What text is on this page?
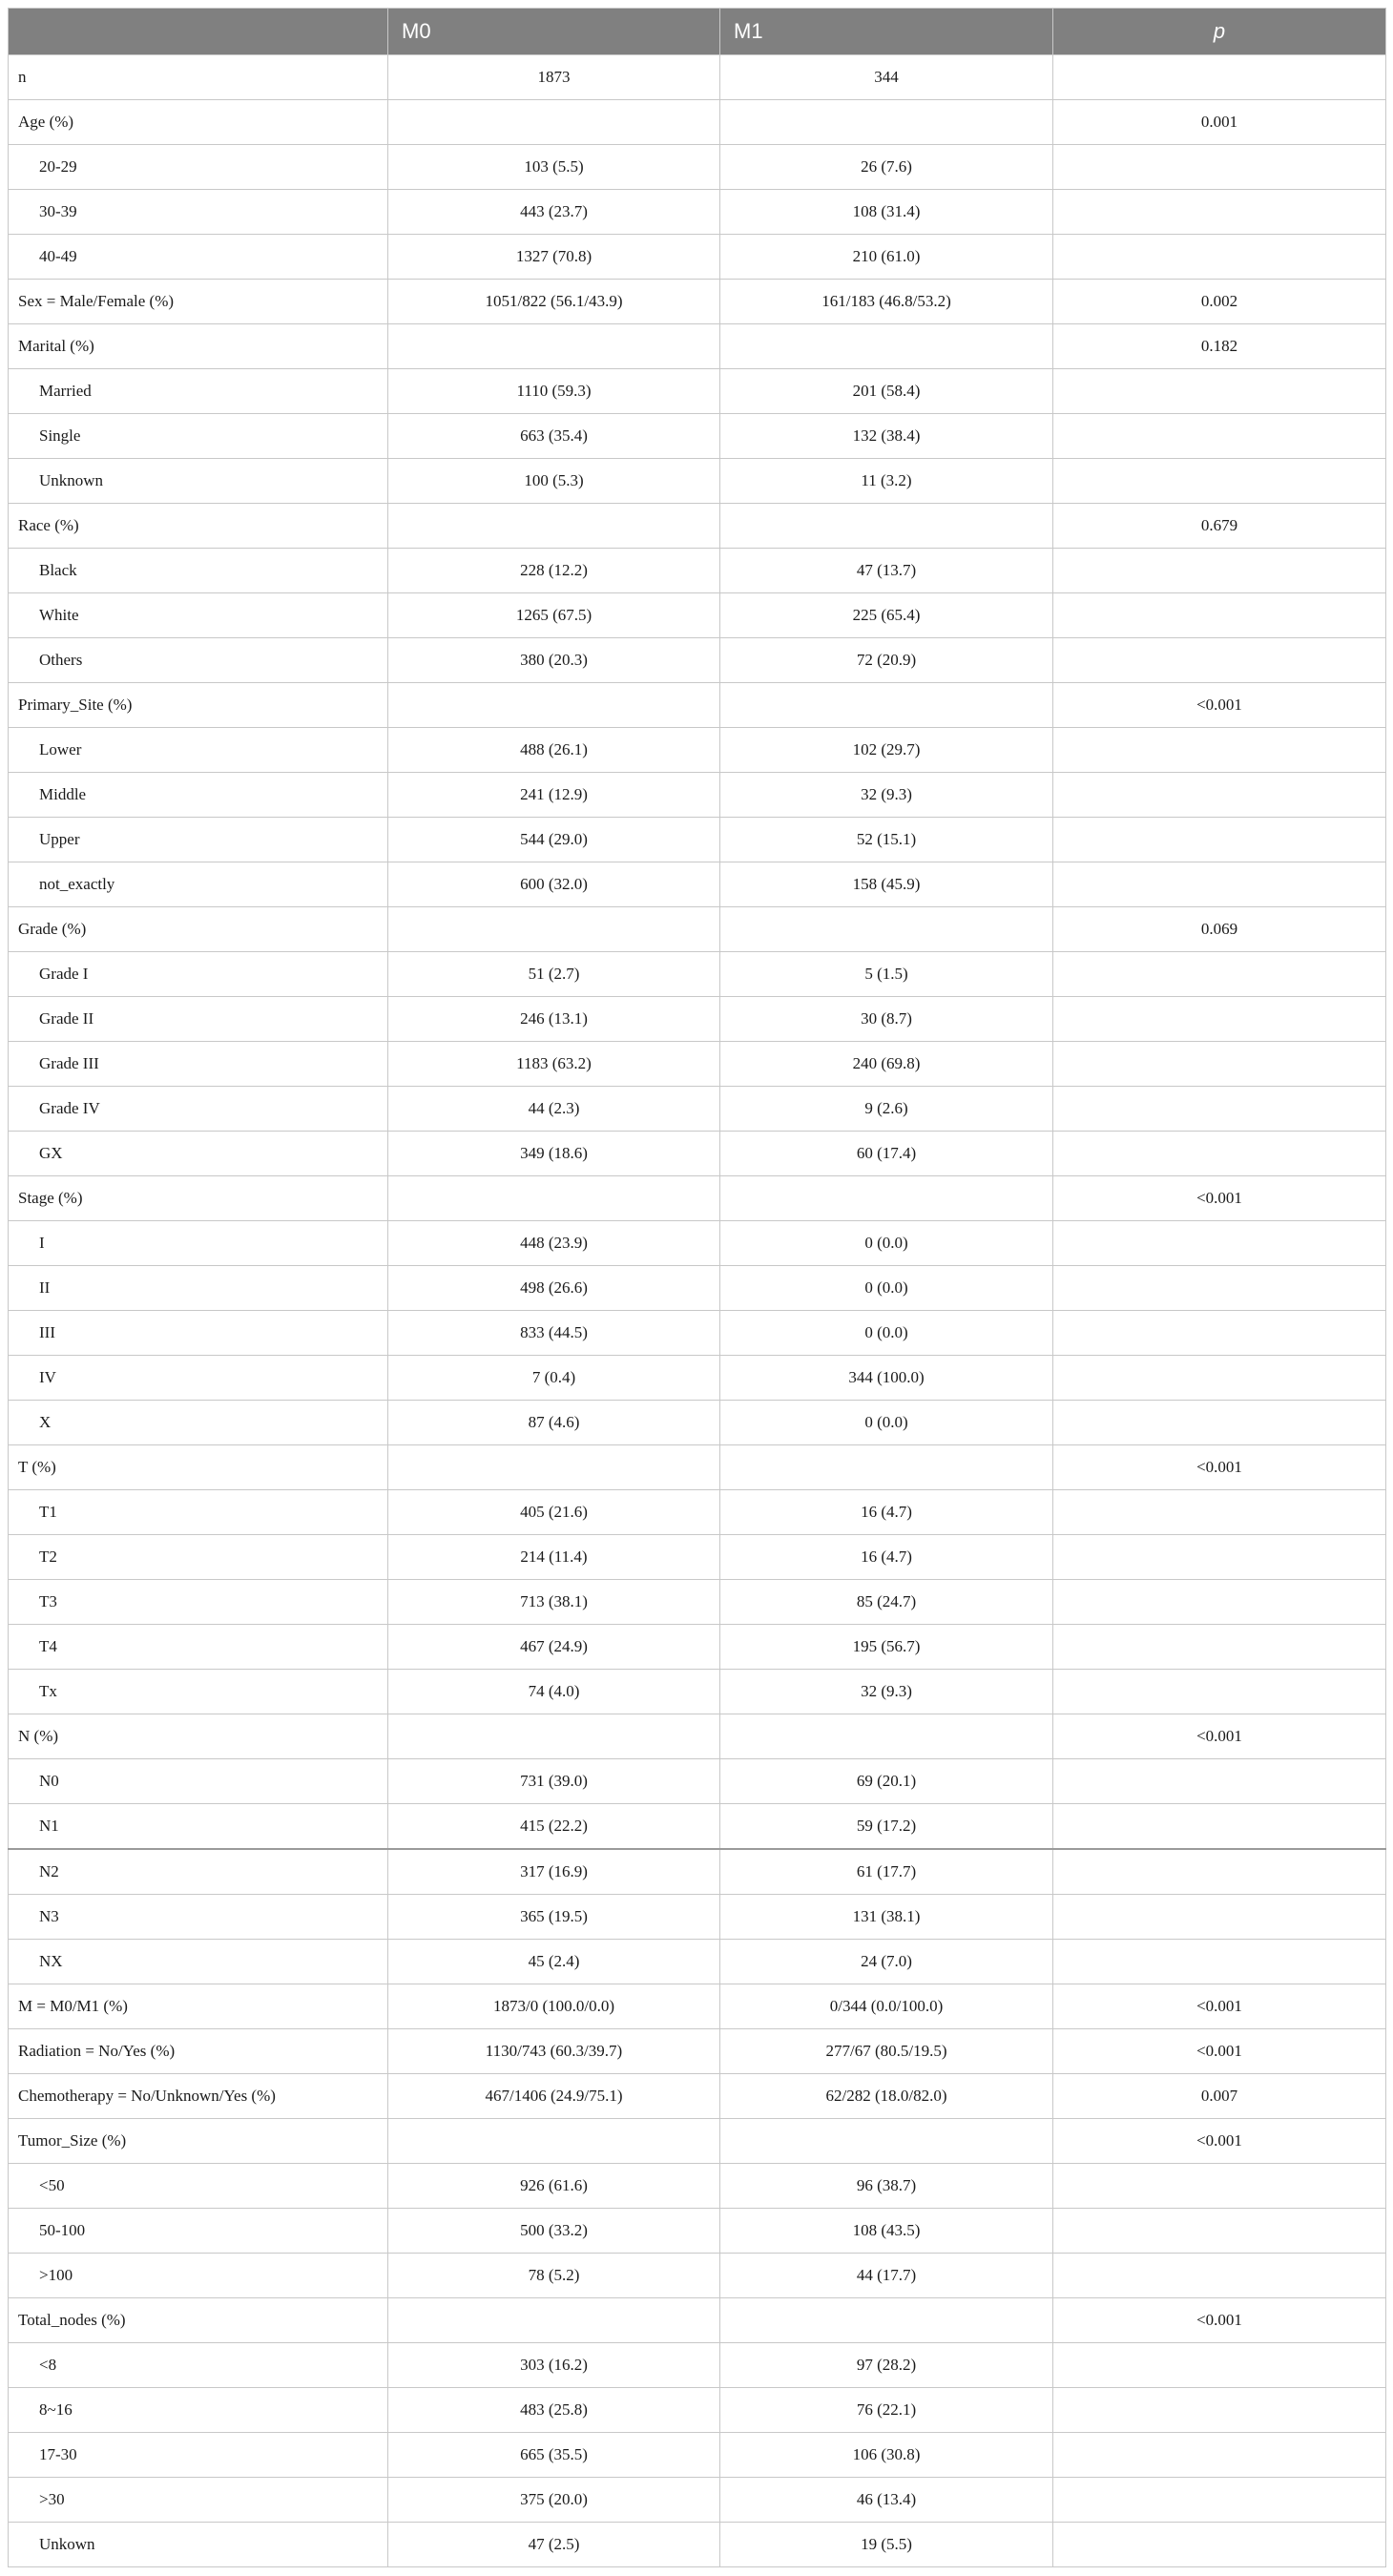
	M0	M1	p
n	1873	344	
Age (%)			0.001
20-29	103 (5.5)	26 (7.6)	
30-39	443 (23.7)	108 (31.4)	
40-49	1327 (70.8)	210 (61.0)	
Sex = Male/Female (%)	1051/822 (56.1/43.9)	161/183 (46.8/53.2)	0.002
Marital (%)			0.182
Married	1110 (59.3)	201 (58.4)	
Single	663 (35.4)	132 (38.4)	
Unknown	100 (5.3)	11 (3.2)	
Race (%)			0.679
Black	228 (12.2)	47 (13.7)	
White	1265 (67.5)	225 (65.4)	
Others	380 (20.3)	72 (20.9)	
Primary_Site (%)			<0.001
Lower	488 (26.1)	102 (29.7)	
Middle	241 (12.9)	32 (9.3)	
Upper	544 (29.0)	52 (15.1)	
not_exactly	600 (32.0)	158 (45.9)	
Grade (%)			0.069
Grade I	51 (2.7)	5 (1.5)	
Grade II	246 (13.1)	30 (8.7)	
Grade III	1183 (63.2)	240 (69.8)	
Grade IV	44 (2.3)	9 (2.6)	
GX	349 (18.6)	60 (17.4)	
Stage (%)			<0.001
I	448 (23.9)	0 (0.0)	
II	498 (26.6)	0 (0.0)	
III	833 (44.5)	0 (0.0)	
IV	7 (0.4)	344 (100.0)	
X	87 (4.6)	0 (0.0)	
T (%)			<0.001
T1	405 (21.6)	16 (4.7)	
T2	214 (11.4)	16 (4.7)	
T3	713 (38.1)	85 (24.7)	
T4	467 (24.9)	195 (56.7)	
Tx	74 (4.0)	32 (9.3)	
N (%)			<0.001
N0	731 (39.0)	69 (20.1)	
N1	415 (22.2)	59 (17.2)	
N2	317 (16.9)	61 (17.7)	
N3	365 (19.5)	131 (38.1)	
NX	45 (2.4)	24 (7.0)	
M = M0/M1 (%)	1873/0 (100.0/0.0)	0/344 (0.0/100.0)	<0.001
Radiation = No/Yes (%)	1130/743 (60.3/39.7)	277/67 (80.5/19.5)	<0.001
Chemotherapy = No/Unknown/Yes (%)	467/1406 (24.9/75.1)	62/282 (18.0/82.0)	0.007
Tumor_Size (%)			<0.001
<50	926 (61.6)	96 (38.7)	
50-100	500 (33.2)	108 (43.5)	
>100	78 (5.2)	44 (17.7)	
Total_nodes (%)			<0.001
<8	303 (16.2)	97 (28.2)	
8~16	483 (25.8)	76 (22.1)	
17-30	665 (35.5)	106 (30.8)	
>30	375 (20.0)	46 (13.4)	
Unkown	47 (2.5)	19 (5.5)	
